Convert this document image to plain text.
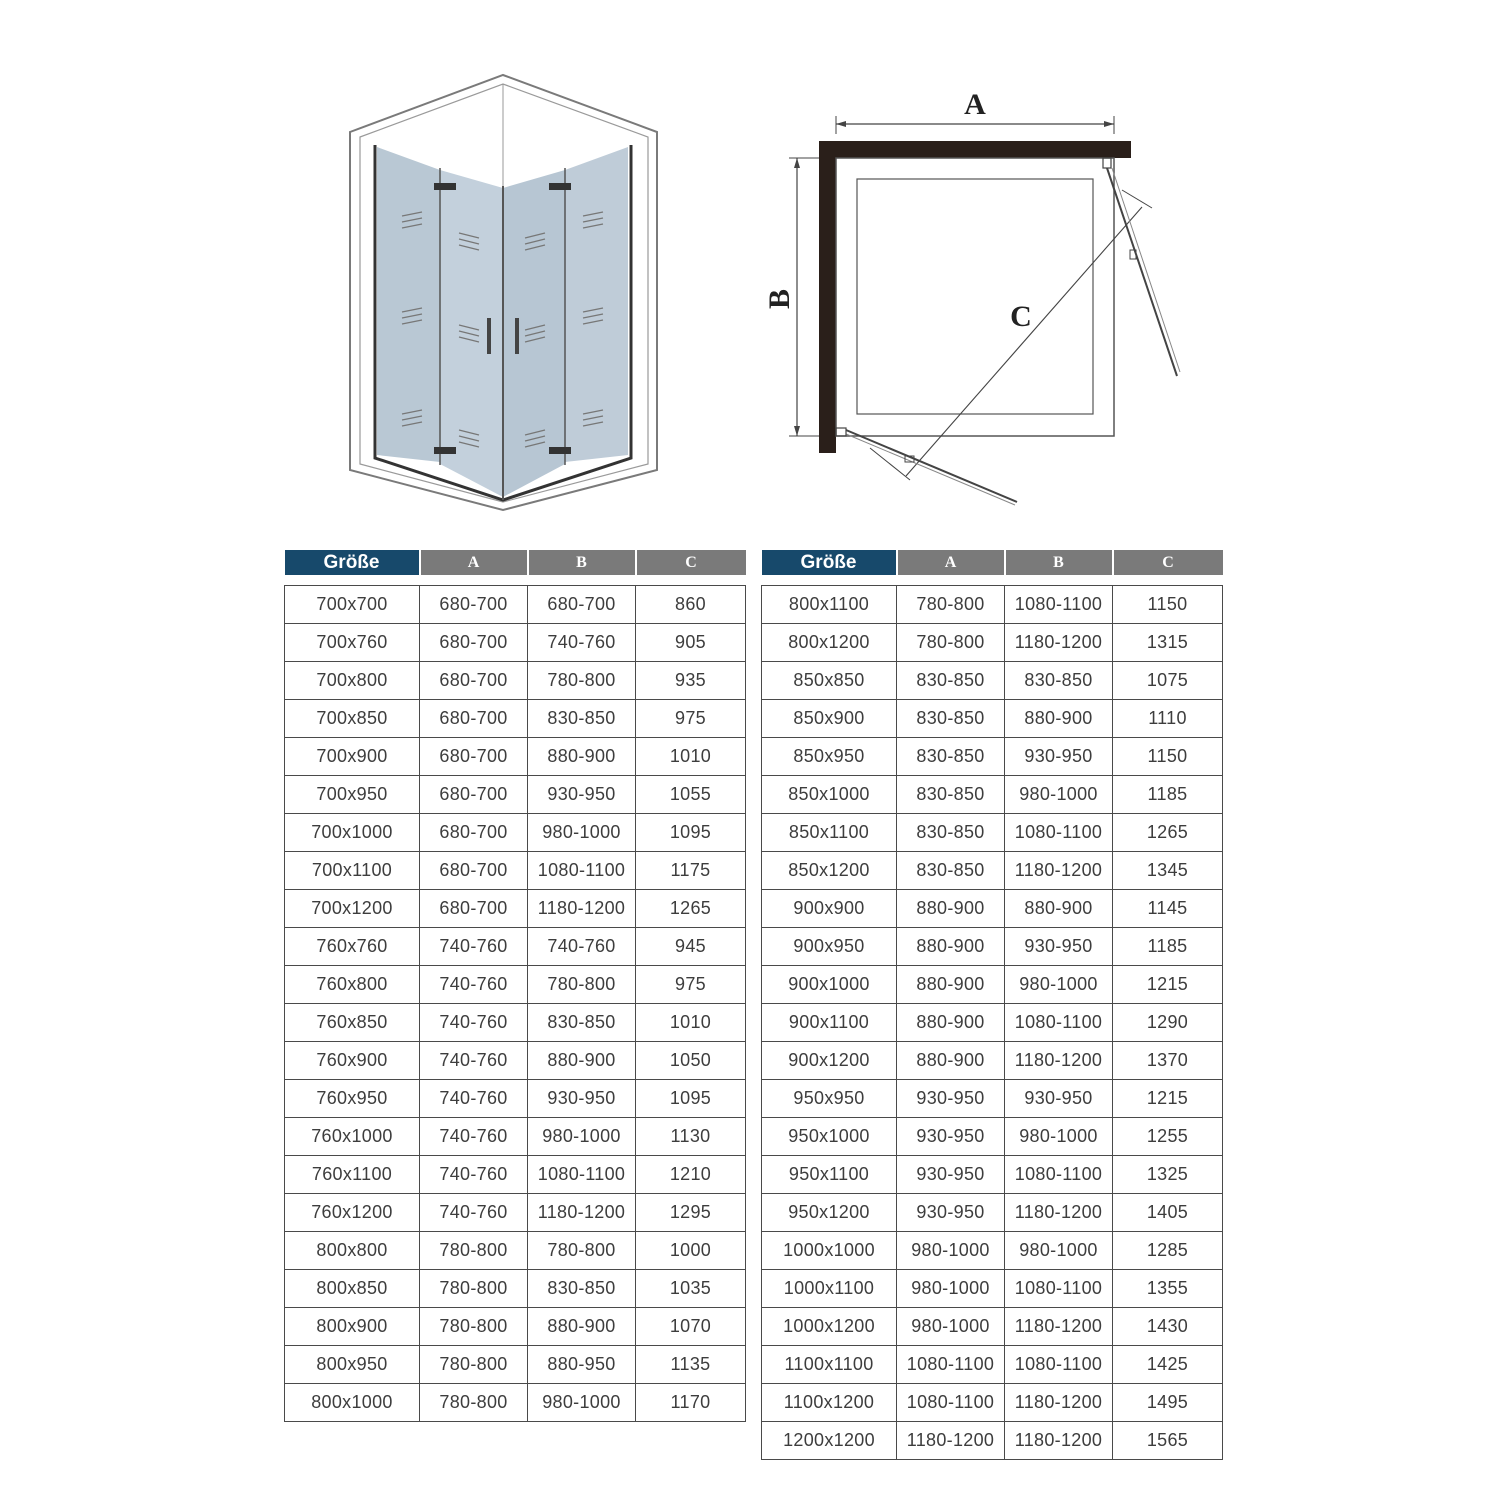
A
B
C
Größe	A	B	C

700x700	680-700	680-700	860
700x760	680-700	740-760	905
700x800	680-700	780-800	935
700x850	680-700	830-850	975
700x900	680-700	880-900	1010
700x950	680-700	930-950	1055
700x1000	680-700	980-1000	1095
700x1100	680-700	1080-1100	1175
700x1200	680-700	1180-1200	1265
760x760	740-760	740-760	945
760x800	740-760	780-800	975
760x850	740-760	830-850	1010
760x900	740-760	880-900	1050
760x950	740-760	930-950	1095
760x1000	740-760	980-1000	1130
760x1100	740-760	1080-1100	1210
760x1200	740-760	1180-1200	1295
800x800	780-800	780-800	1000
800x850	780-800	830-850	1035
800x900	780-800	880-900	1070
800x950	780-800	880-950	1135
800x1000	780-800	980-1000	1170
Größe	A	B	C

800x1100	780-800	1080-1100	1150
800x1200	780-800	1180-1200	1315
850x850	830-850	830-850	1075
850x900	830-850	880-900	1110
850x950	830-850	930-950	1150
850x1000	830-850	980-1000	1185
850x1100	830-850	1080-1100	1265
850x1200	830-850	1180-1200	1345
900x900	880-900	880-900	1145
900x950	880-900	930-950	1185
900x1000	880-900	980-1000	1215
900x1100	880-900	1080-1100	1290
900x1200	880-900	1180-1200	1370
950x950	930-950	930-950	1215
950x1000	930-950	980-1000	1255
950x1100	930-950	1080-1100	1325
950x1200	930-950	1180-1200	1405
1000x1000	980-1000	980-1000	1285
1000x1100	980-1000	1080-1100	1355
1000x1200	980-1000	1180-1200	1430
1100x1100	1080-1100	1080-1100	1425
1100x1200	1080-1100	1180-1200	1495
1200x1200	1180-1200	1180-1200	1565
